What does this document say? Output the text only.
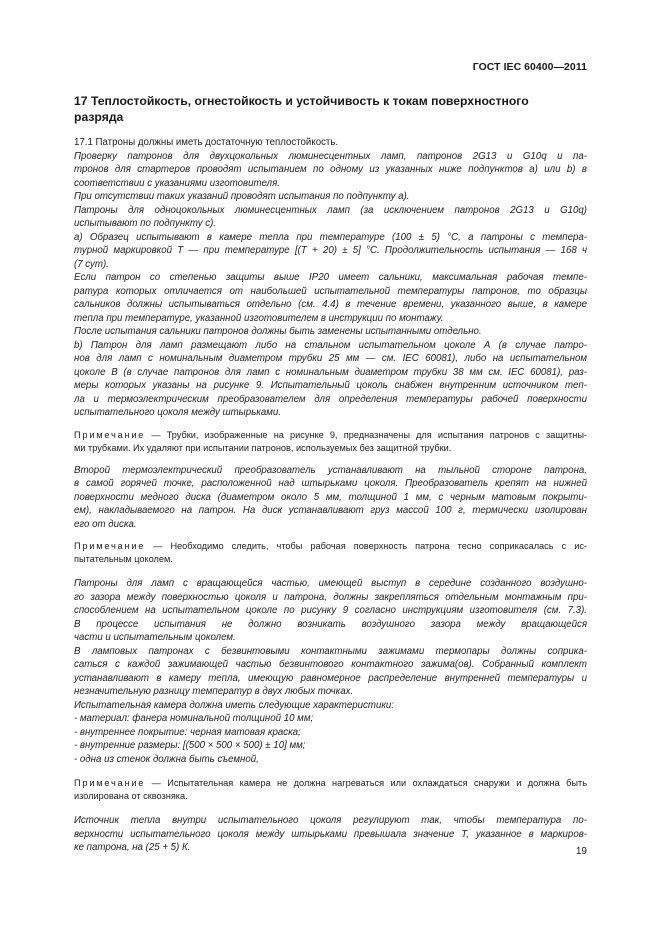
ГОСТ IEC 60400—2011
17 Теплостойкость, огнестойкость и устойчивость к токам поверхностного
разряда

17.1 Патроны должны иметь достаточную теплостойкость.

Проверку патронов для двухцокольных люминесцентных ламп, патронов 2G13 и G10q и па-
тронов для стартеров проводят испытанием по одному из указанных ниже подпунктов a) или b) в
соответствии с указаниями изготовителя.

При отсутствии таких указаний проводят испытания по подпункту а).

Патроны для одноцокольных люминесцентных ламп (за исключением патронов 2G13 и G10q)
испытывают по подпункту с).

а) Образец испытывают в камере тепла при температуре (100 ± 5) °С, а патроны с темпера-
турной маркировкой Т — при температуре [(Т + 20) ± 5] °С. Продолжительность испытания — 168 ч
(7 сут).

Если патрон со степенью защиты выше IP20 имеет сальники, максимальная рабочая темпе-
ратура которых отличается от наибольшей испытательной температуры патронов, то образцы
сальников должны испытываться отдельно (см. 4.4) в течение времени, указанного выше, в камере
тепла при температуре, указанной изготовителем в инструкции по монтажу.

После испытания сальники патронов должны быть заменены испытанными отдельно.

b) Патрон для ламп размещают либо на стальном испытательном цоколе А (в случае патро-
нов для ламп с номинальным диаметром трубки 25 мм — см. IEC 60081), либо на испытательном
цоколе В (в случае патронов для ламп с номинальным диаметром трубки 38 мм см. IEC 60081), раз-
меры которых указаны на рисунке 9. Испытательный цоколь снабжен внутренним источником теп-
ла и термоэлектрическим преобразователем для определения температуры рабочей поверхности
испытательного цоколя между штырьками.

Примечание — Трубки, изображенные на рисунке 9, предназначены для испытания патронов с защитны-
ми трубками. Их удаляют при испытании патронов, используемых без защитной трубки.

Второй термоэлектрический преобразователь устанавливают на тыльной стороне патрона,
в самой горячей точке, расположенной над штырьками цоколя. Преобразователь крепят на нижней
поверхности медного диска (диаметром около 5 мм, толщиной 1 мм, с черным матовым покрыти-
ем), накладываемого на патрон. На диск устанавливают груз массой 100 г, термически изолирован
его от диска.

Примечание — Необходимо следить, чтобы рабочая поверхность патрона тесно соприкасалась с ис-
пытательным цоколем.

Патроны для ламп с вращающейся частью, имеющей выступ в середине созданного воздушно-
го зазора между поверхностью цоколя и патрона, должны закрепляться отдельным монтажным при-
способлением на испытательном цоколе по рисунку 9 согласно инструкциям изготовителя (см. 7.3).

В процессе испытания не должно возникать воздушного зазора между вращающейся
части и испытательным цоколем.

В ламповых патронах с безвинтовыми контактными зажимами термопары должны соприка-
саться с каждой зажимающей частью безвинтового контактного зажима(ов). Собранный комплект
устанавливают в камеру тепла, имеющую равномерное распределение внутренней температуры и
незначительную разницу температур в двух любых точках.

Испытательная камера должна иметь следующие характеристики:

- материал: фанера номинальной толщиной 10 мм;
- внутреннее покрытие: черная матовая краска;
- внутренние размеры: [(500 × 500 × 500) ± 10] мм;
- одна из стенок должна быть съемной,

Примечание — Испытательная камера не должна нагреваться или охлаждаться снаружи и должна быть
изолирована от сквозняка.

Источник тепла внутри испытательного цоколя регулируют так, чтобы температура по-
верхности испытательного цоколя между штырьками превышала значение Т, указанное в маркиров-
ке патрона, на (25 + 5) К.	19
